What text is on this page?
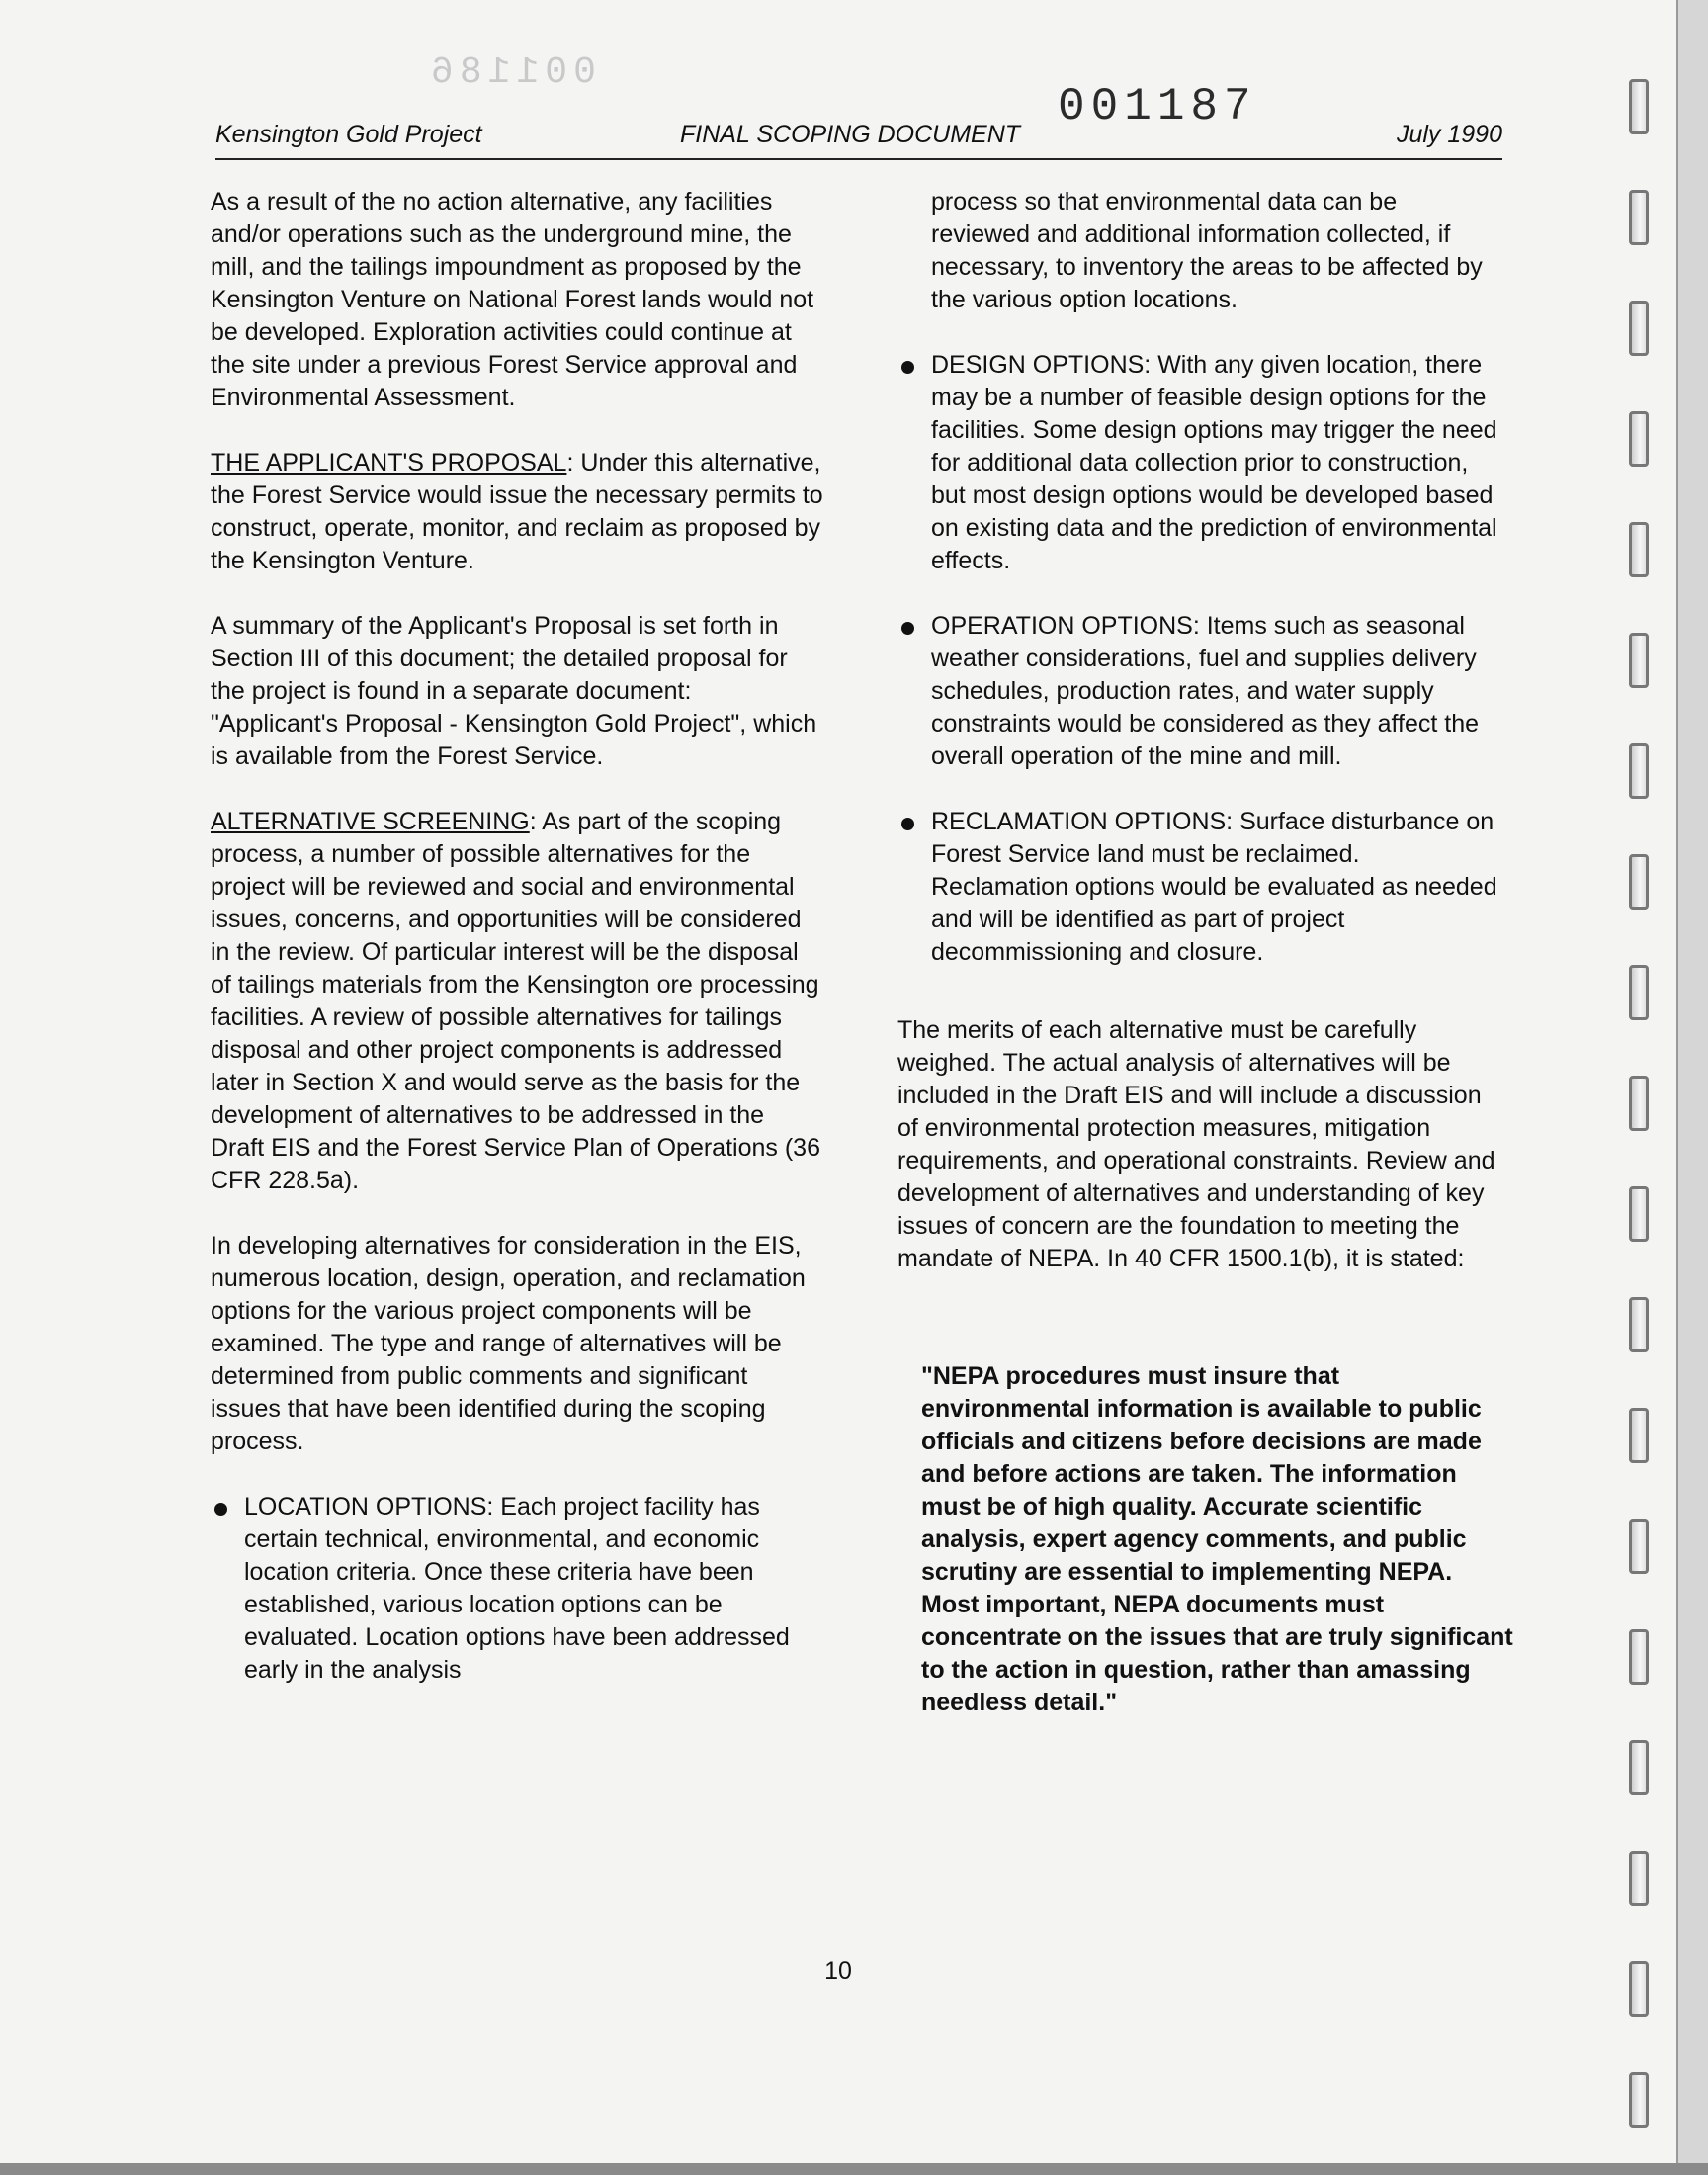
001186
001187
Kensington Gold Project	FINAL SCOPING DOCUMENT	July 1990

As a result of the no action alternative, any facilities and/or operations such as the underground mine, the mill, and the tailings impoundment as proposed by the Kensington Venture on National Forest lands would not be developed. Exploration activities could continue at the site under a previous Forest Service approval and Environmental Assessment.

THE APPLICANT'S PROPOSAL: Under this alternative, the Forest Service would issue the necessary permits to construct, operate, monitor, and reclaim as proposed by the Kensington Venture.

A summary of the Applicant's Proposal is set forth in Section III of this document; the detailed proposal for the project is found in a separate document: "Applicant's Proposal - Kensington Gold Project", which is available from the Forest Service.

ALTERNATIVE SCREENING: As part of the scoping process, a number of possible alternatives for the project will be reviewed and social and environmental issues, concerns, and opportunities will be considered in the review. Of particular interest will be the disposal of tailings materials from the Kensington ore processing facilities. A review of possible alternatives for tailings disposal and other project components is addressed later in Section X and would serve as the basis for the development of alternatives to be addressed in the Draft EIS and the Forest Service Plan of Operations (36 CFR 228.5a).

In developing alternatives for consideration in the EIS, numerous location, design, operation, and reclamation options for the various project components will be examined. The type and range of alternatives will be determined from public comments and significant issues that have been identified during the scoping process.

LOCATION OPTIONS: Each project facility has certain technical, environmental, and economic location criteria. Once these criteria have been established, various location options can be evaluated. Location options have been addressed early in the analysis

process so that environmental data can be reviewed and additional information collected, if necessary, to inventory the areas to be affected by the various option locations.

DESIGN OPTIONS: With any given location, there may be a number of feasible design options for the facilities. Some design options may trigger the need for additional data collection prior to construction, but most design options would be developed based on existing data and the prediction of environmental effects.
OPERATION OPTIONS: Items such as seasonal weather considerations, fuel and supplies delivery schedules, production rates, and water supply constraints would be considered as they affect the overall operation of the mine and mill.
RECLAMATION OPTIONS: Surface disturbance on Forest Service land must be reclaimed. Reclamation options would be evaluated as needed and will be identified as part of project decommissioning and closure.

The merits of each alternative must be carefully weighed. The actual analysis of alternatives will be included in the Draft EIS and will include a discussion of environmental protection measures, mitigation requirements, and operational constraints. Review and development of alternatives and understanding of key issues of concern are the foundation to meeting the mandate of NEPA. In 40 CFR 1500.1(b), it is stated:

"NEPA procedures must insure that environmental information is available to public officials and citizens before decisions are made and before actions are taken. The information must be of high quality. Accurate scientific analysis, expert agency comments, and public scrutiny are essential to implementing NEPA. Most important, NEPA documents must concentrate on the issues that are truly significant to the action in question, rather than amassing needless detail."
10
